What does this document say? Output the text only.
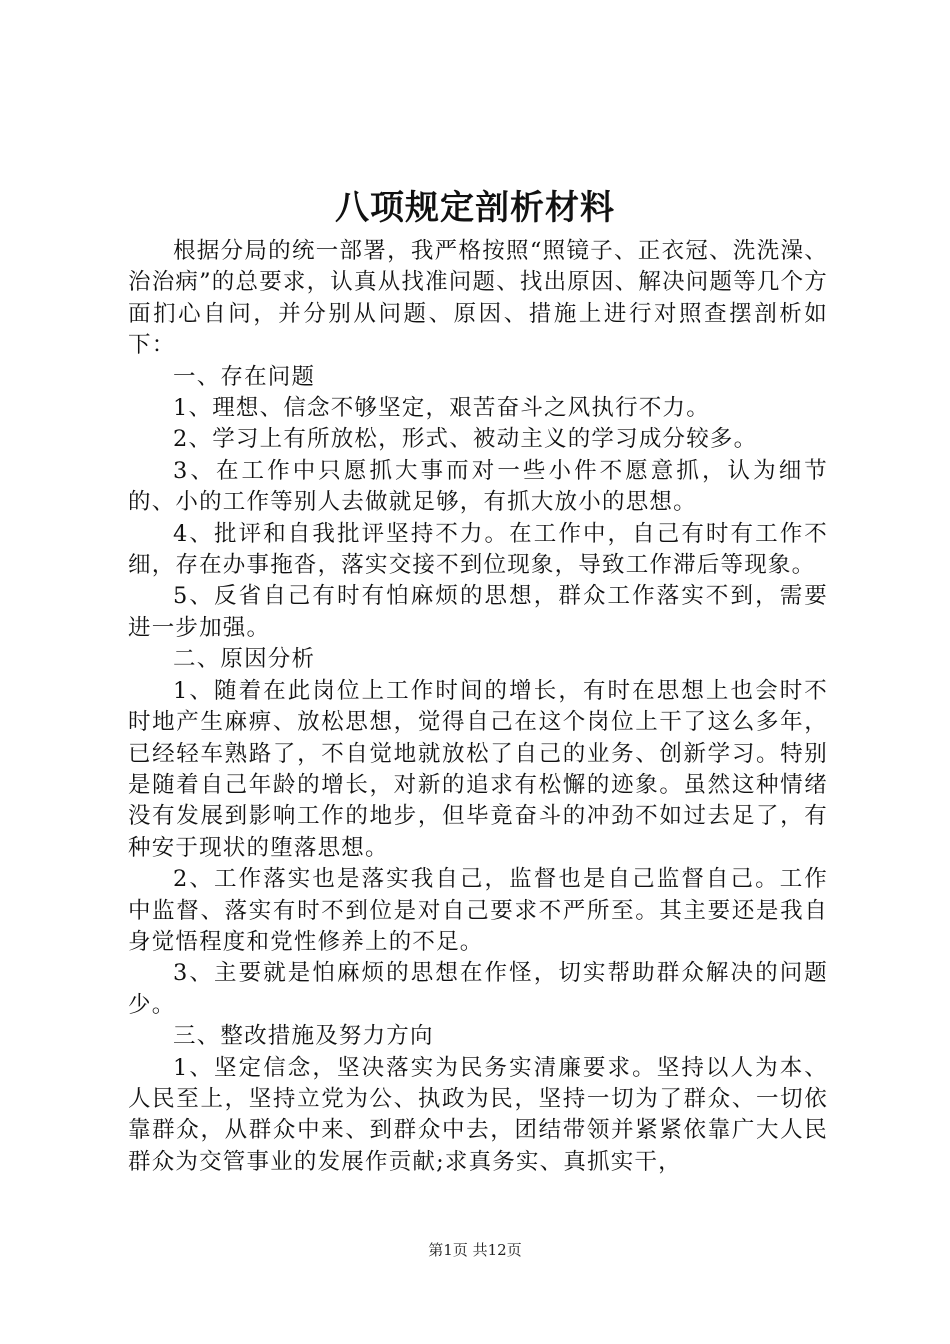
八项规定剖析材料

根据分局的统一部署，我严格按照“照镜子、正衣冠、洗洗澡、治治病”的总要求，认真从找准问题、找出原因、解决问题等几个方面扪心自问，并分别从问题、原因、措施上进行对照查摆剖析如下：

一、存在问题

1、理想、信念不够坚定，艰苦奋斗之风执行不力。

2、学习上有所放松，形式、被动主义的学习成分较多。

3、在工作中只愿抓大事而对一些小件不愿意抓，认为细节的、小的工作等别人去做就足够，有抓大放小的思想。

4、批评和自我批评坚持不力。在工作中，自己有时有工作不细，存在办事拖沓，落实交接不到位现象，导致工作滞后等现象。

5、反省自己有时有怕麻烦的思想，群众工作落实不到，需要进一步加强。

二、原因分析

1、随着在此岗位上工作时间的增长，有时在思想上也会时不时地产生麻痹、放松思想，觉得自己在这个岗位上干了这么多年，已经轻车熟路了，不自觉地就放松了自己的业务、创新学习。特别是随着自己年龄的增长，对新的追求有松懈的迹象。虽然这种情绪没有发展到影响工作的地步，但毕竟奋斗的冲劲不如过去足了，有种安于现状的堕落思想。

2、工作落实也是落实我自己，监督也是自己监督自己。工作中监督、落实有时不到位是对自己要求不严所至。其主要还是我自身觉悟程度和党性修养上的不足。

3、主要就是怕麻烦的思想在作怪，切实帮助群众解决的问题少。

三、整改措施及努力方向

1、坚定信念，坚决落实为民务实清廉要求。坚持以人为本、人民至上，坚持立党为公、执政为民，坚持一切为了群众、一切依靠群众，从群众中来、到群众中去，团结带领并紧紧依靠广大人民群众为交管事业的发展作贡献;求真务实、真抓实干，

第1页 共12页
